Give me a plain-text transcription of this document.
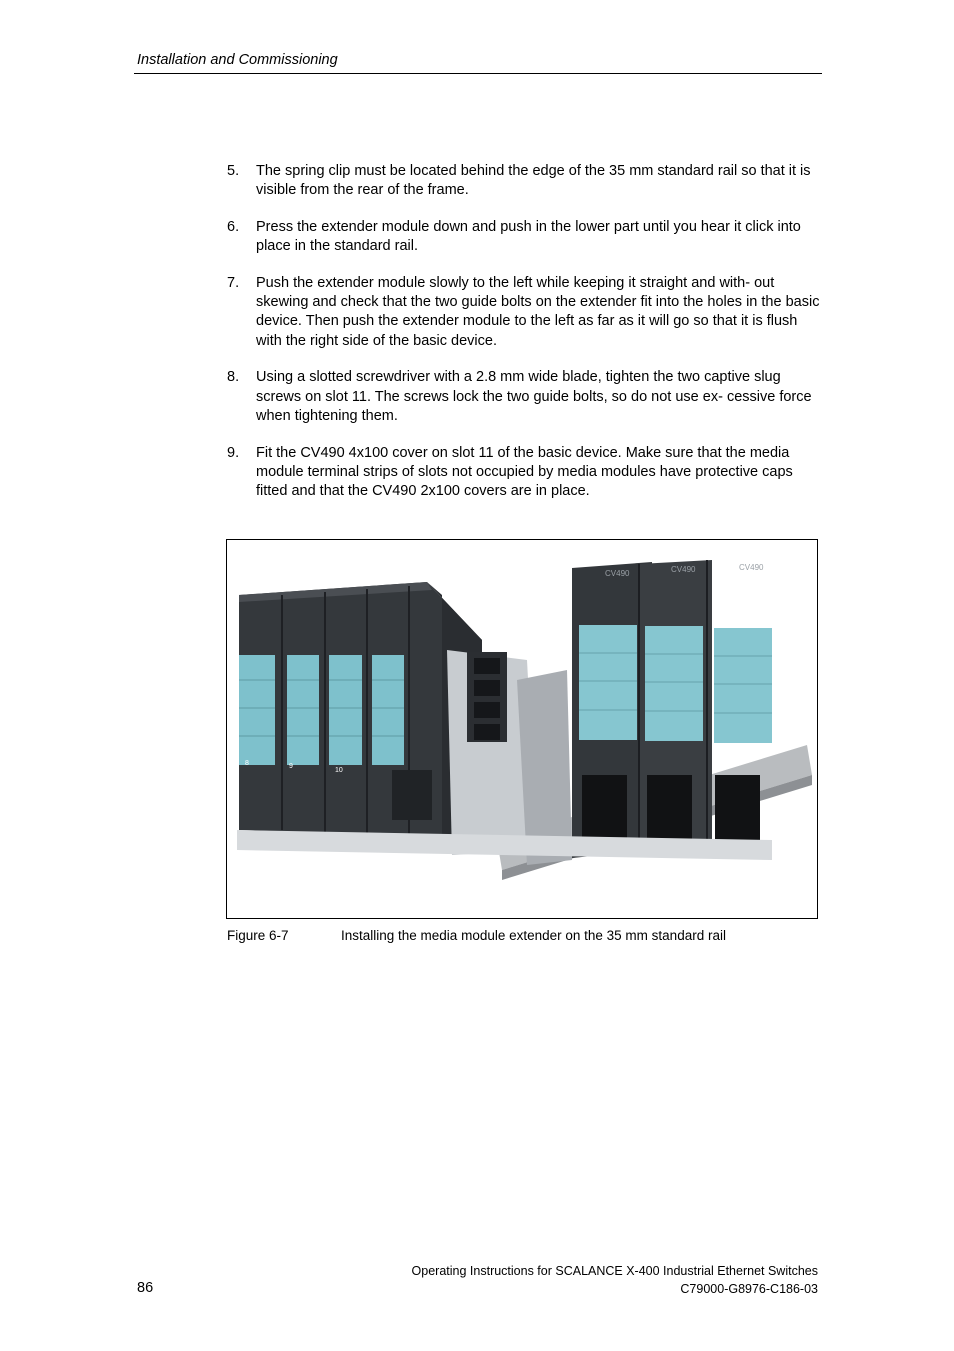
Installation and Commissioning
5. The spring clip must be located behind the edge of the 35 mm standard rail so that it is visible from the rear of the frame.
6. Press the extender module down and push in the lower part until you hear it click into place in the standard rail.
7. Push the extender module slowly to the left while keeping it straight and with- out skewing and check that the two guide bolts on the extender fit into the holes in the basic device. Then push the extender module to the left as far as it will go so that it is flush with the right side of the basic device.
8. Using a slotted screwdriver with a 2.8 mm wide blade, tighten the two captive slug screws on slot 11. The screws lock the two guide bolts, so do not use ex- cessive force when tightening them.
9. Fit the CV490 4x100 cover on slot 11 of the basic device. Make sure that the media module terminal strips of slots not occupied by media modules have protective caps fitted and that the CV490 2x100 covers are in place.
CV490	CV490	CV490
8	9
10
Figure 6-7	Installing the media module extender on the 35 mm standard rail
86
Operating Instructions for SCALANCE X-400 Industrial Ethernet Switches
C79000-G8976-C186-03
